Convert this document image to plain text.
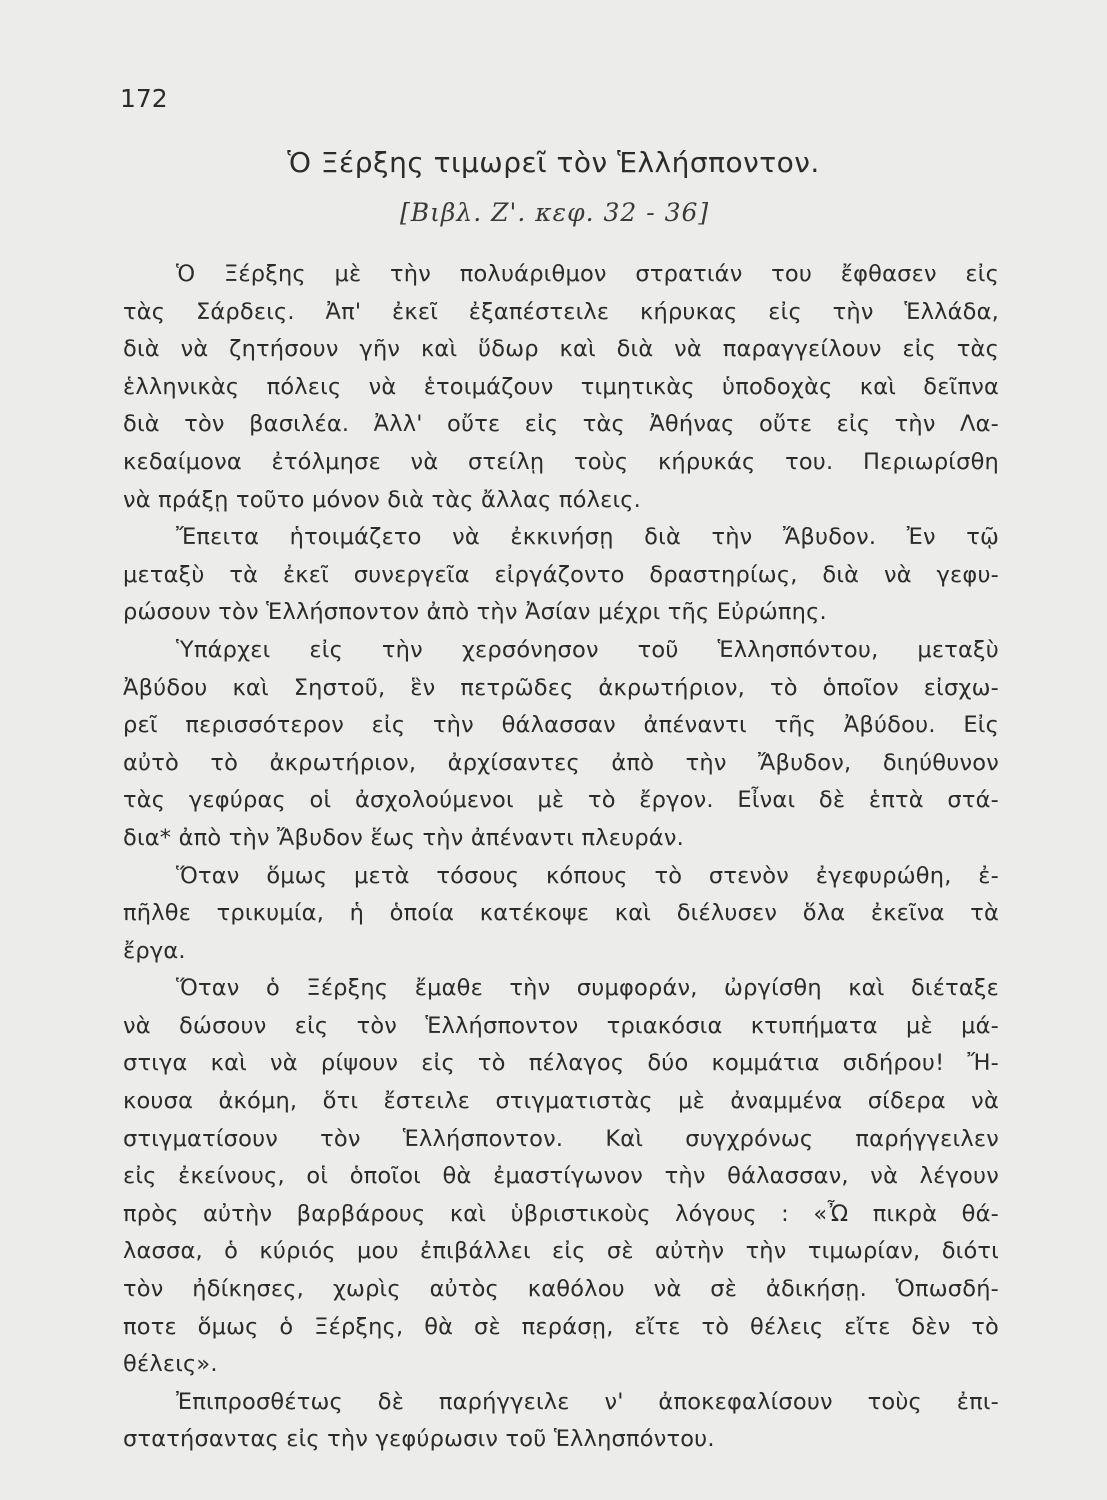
172
Ὁ Ξέρξης τιμωρεῖ τὸν Ἑλλήσποντον.
[Βιβλ. Ζ'. κεφ. 32 - 36]
Ὁ Ξέρξης μὲ τὴν πολυάριθμον στρατιάν του ἔφθασεν εἰς
τὰς Σάρδεις. Ἀπ' ἐκεῖ ἐξαπέστειλε κήρυκας εἰς τὴν Ἑλλάδα,
διὰ νὰ ζητήσουν γῆν καὶ ὕδωρ καὶ διὰ νὰ παραγγείλουν εἰς τὰς
ἑλληνικὰς πόλεις νὰ ἑτοιμάζουν τιμητικὰς ὑποδοχὰς καὶ δεῖπνα
διὰ τὸν βασιλέα. Ἀλλ' οὔτε εἰς τὰς Ἀθήνας οὔτε εἰς τὴν Λα-
κεδαίμονα ἐτόλμησε νὰ στείλῃ τοὺς κήρυκάς του. Περιωρίσθη
νὰ πράξῃ τοῦτο μόνον διὰ τὰς ἄλλας πόλεις.
Ἔπειτα ἡτοιμάζετο νὰ ἐκκινήσῃ διὰ τὴν Ἄβυδον. Ἐν τῷ
μεταξὺ τὰ ἐκεῖ συνεργεῖα εἰργάζοντο δραστηρίως, διὰ νὰ γεφυ-
ρώσουν τὸν Ἑλλήσποντον ἀπὸ τὴν Ἀσίαν μέχρι τῆς Εὐρώπης.
Ὑπάρχει εἰς τὴν χερσόνησον τοῦ Ἑλλησπόντου, μεταξὺ
Ἀβύδου καὶ Σηστοῦ, ἓν πετρῶδες ἀκρωτήριον, τὸ ὁποῖον εἰσχω-
ρεῖ περισσότερον εἰς τὴν θάλασσαν ἀπέναντι τῆς Ἀβύδου. Εἰς
αὐτὸ τὸ ἀκρωτήριον, ἀρχίσαντες ἀπὸ τὴν Ἄβυδον, διηύθυνον
τὰς γεφύρας οἱ ἀσχολούμενοι μὲ τὸ ἔργον. Εἶναι δὲ ἑπτὰ στά-
δια* ἀπὸ τὴν Ἄβυδον ἕως τὴν ἀπέναντι πλευράν.
Ὅταν ὅμως μετὰ τόσους κόπους τὸ στενὸν ἐγεφυρώθη, ἐ-
πῆλθε τρικυμία, ἡ ὁποία κατέκοψε καὶ διέλυσεν ὅλα ἐκεῖνα τὰ
ἔργα.
Ὅταν ὁ Ξέρξης ἔμαθε τὴν συμφοράν, ὠργίσθη καὶ διέταξε
νὰ δώσουν εἰς τὸν Ἑλλήσποντον τριακόσια κτυπήματα μὲ μά-
στιγα καὶ νὰ ρίψουν εἰς τὸ πέλαγος δύο κομμάτια σιδήρου! Ἤ-
κουσα ἀκόμη, ὅτι ἔστειλε στιγματιστὰς μὲ ἀναμμένα σίδερα νὰ
στιγματίσουν τὸν Ἑλλήσποντον. Καὶ συγχρόνως παρήγγειλεν
εἰς ἐκείνους, οἱ ὁποῖοι θὰ ἐμαστίγωνον τὴν θάλασσαν, νὰ λέγουν
πρὸς αὐτὴν βαρβάρους καὶ ὑβριστικοὺς λόγους : «Ὦ πικρὰ θά-
λασσα, ὁ κύριός μου ἐπιβάλλει εἰς σὲ αὐτὴν τὴν τιμωρίαν, διότι
τὸν ἠδίκησες, χωρὶς αὐτὸς καθόλου νὰ σὲ ἀδικήσῃ. Ὁπωσδή-
ποτε ὅμως ὁ Ξέρξης, θὰ σὲ περάσῃ, εἴτε τὸ θέλεις εἴτε δὲν τὸ
θέλεις».
Ἐπιπροσθέτως δὲ παρήγγειλε ν' ἀποκεφαλίσουν τοὺς ἐπι-
στατήσαντας εἰς τὴν γεφύρωσιν τοῦ Ἑλλησπόντου.
